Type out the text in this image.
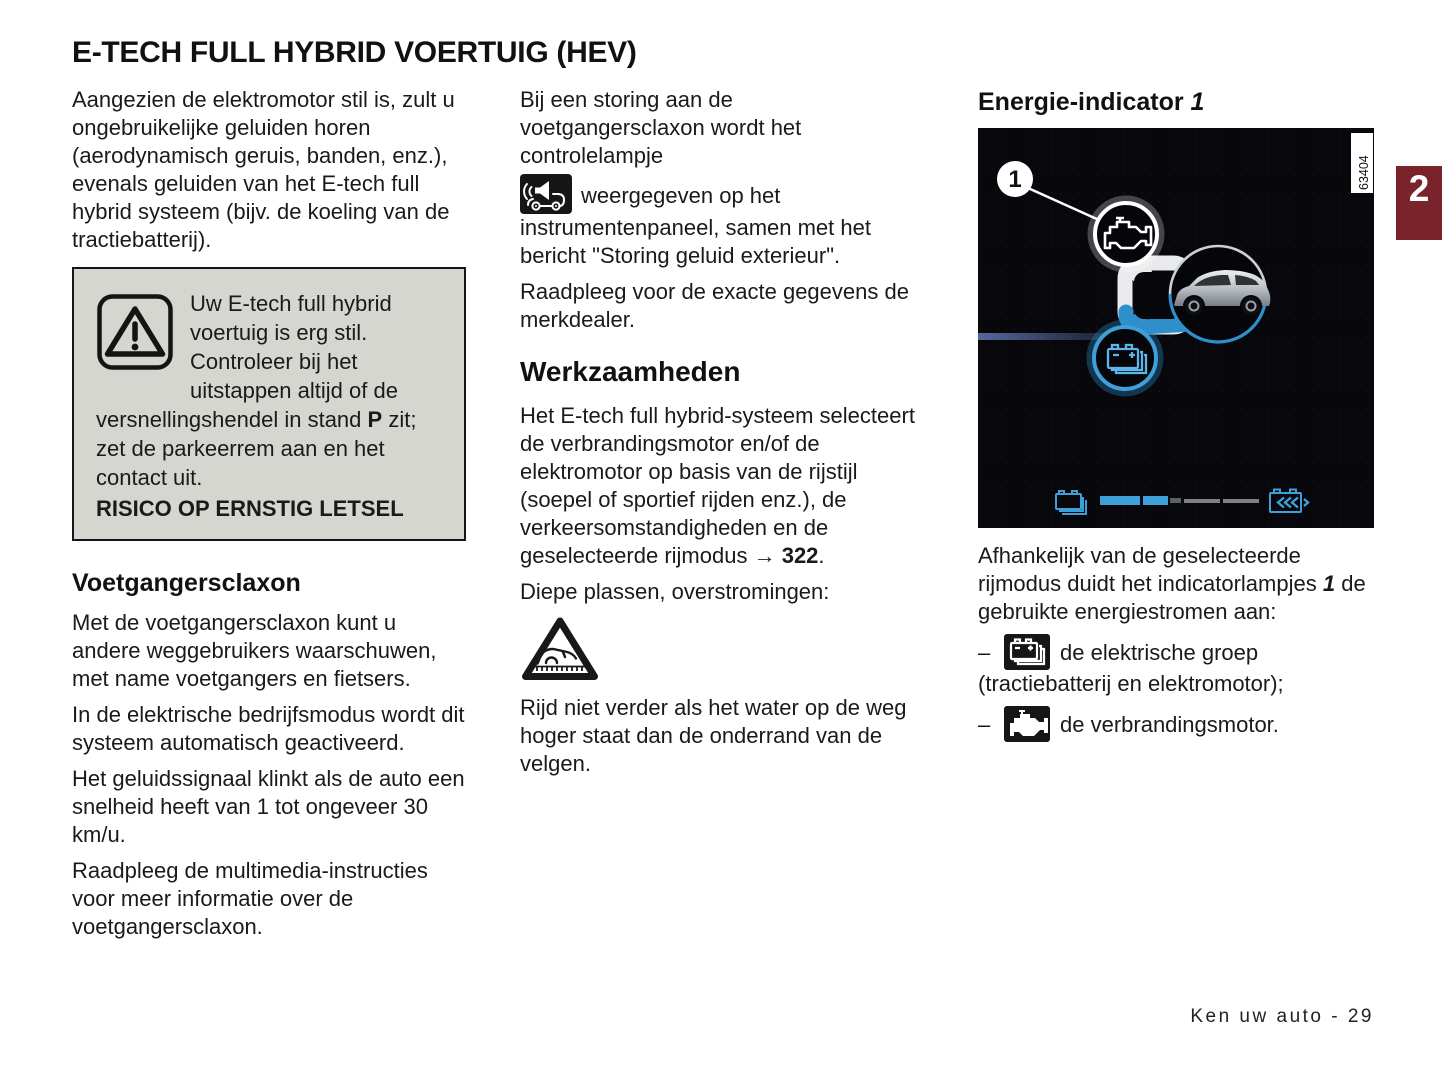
E-TECH FULL HYBRID VOERTUIG (HEV)

Aangezien de elektromotor stil is, zult u ongebruikelijke geluiden horen (aerodynamisch geruis, banden, enz.), evenals geluiden van het E-tech full hybrid systeem (bijv. de koeling van de tractiebatterij).

Uw E-tech full hybrid voertuig is erg stil. Controleer bij het uitstappen altijd of de versnellingshendel in stand P zit; zet de parkeerrem aan en het contact uit.

RISICO OP ERNSTIG LETSEL

Voetgangersclaxon

Met de voetgangersclaxon kunt u andere weggebruikers waarschuwen, met name voetgangers en fietsers.

In de elektrische bedrijfsmodus wordt dit systeem automatisch geactiveerd.

Het geluidssignaal klinkt als de auto een snelheid heeft van 1 tot ongeveer 30 km/u.

Raadpleeg de multimedia-instructies voor meer informatie over de voetgangersclaxon.

Bij een storing aan de voetgangersclaxon wordt het controlelampje

weergegeven op het instrumentenpaneel, samen met het bericht "Storing geluid exterieur".

Raadpleeg voor de exacte gegevens de merkdealer.

Werkzaamheden

Het E-tech full hybrid-systeem selecteert de verbrandingsmotor en/of de elektromotor op basis van de rijstijl (soepel of sportief rijden enz.), de verkeersomstandigheden en de geselecteerde rijmodus → 322.

Diepe plassen, overstromingen:

Rijd niet verder als het water op de weg hoger staat dan de onderrand van de velgen.

Energie-indicator 1
1	63404

Afhankelijk van de geselecteerde rijmodus duidt het indicatorlampjes 1 de gebruikte energiestromen aan:

–	de elektrische groep (tractiebatterij en elektromotor);

–	de verbrandingsmotor.

Ken uw auto - 29
2
